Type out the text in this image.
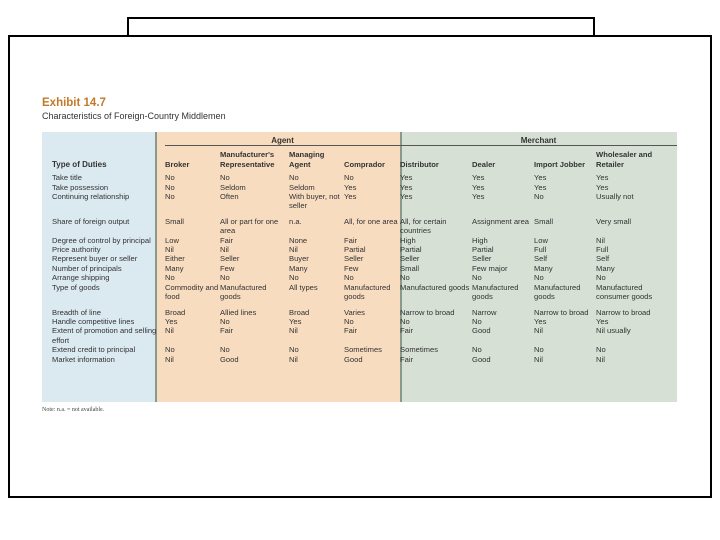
Exhibit 14.7
Characteristics of Foreign-Country Middlemen
	Agent				Merchant			

Type of Duties	Broker	Manufacturer's Representative	Managing Agent	Comprador	Distributor	Dealer	Import Jobber	Wholesaler and Retailer
Take title	No	No	No	No	Yes	Yes	Yes	Yes
Take possession	No	Seldom	Seldom	Yes	Yes	Yes	Yes	Yes
Continuing relationship	No	Often	With buyer, not seller	Yes	Yes	Yes	No	Usually not

Share of foreign output	Small	All or part for one area	n.a.	All, for one area	All, for certain countries	Assignment area	Small	Very small
Degree of control by principal	Low	Fair	None	Fair	High	High	Low	Nil
Price authority	Nil	Nil	Nil	Partial	Partial	Partial	Full	Full
Represent buyer or seller	Either	Seller	Buyer	Seller	Seller	Seller	Self	Self
Number of principals	Many	Few	Many	Few	Small	Few major	Many	Many
Arrange shipping	No	No	No	No	No	No	No	No
Type of goods	Commodity and food	Manufactured goods	All types	Manufactured goods	Manufactured goods	Manufactured goods	Manufactured goods	Manufactured consumer goods

Breadth of line	Broad	Allied lines	Broad	Varies	Narrow to broad	Narrow	Narrow to broad	Narrow to broad
Handle competitive lines	Yes	No	Yes	No	No	No	Yes	Yes
Extent of promotion and selling effort	Nil	Fair	Nil	Fair	Fair	Good	Nil	Nil usually
Extend credit to principal	No	No	No	Sometimes	Sometimes	No	No	No
Market information	Nil	Good	Nil	Good	Fair	Good	Nil	Nil
Note: n.a. = not available.
